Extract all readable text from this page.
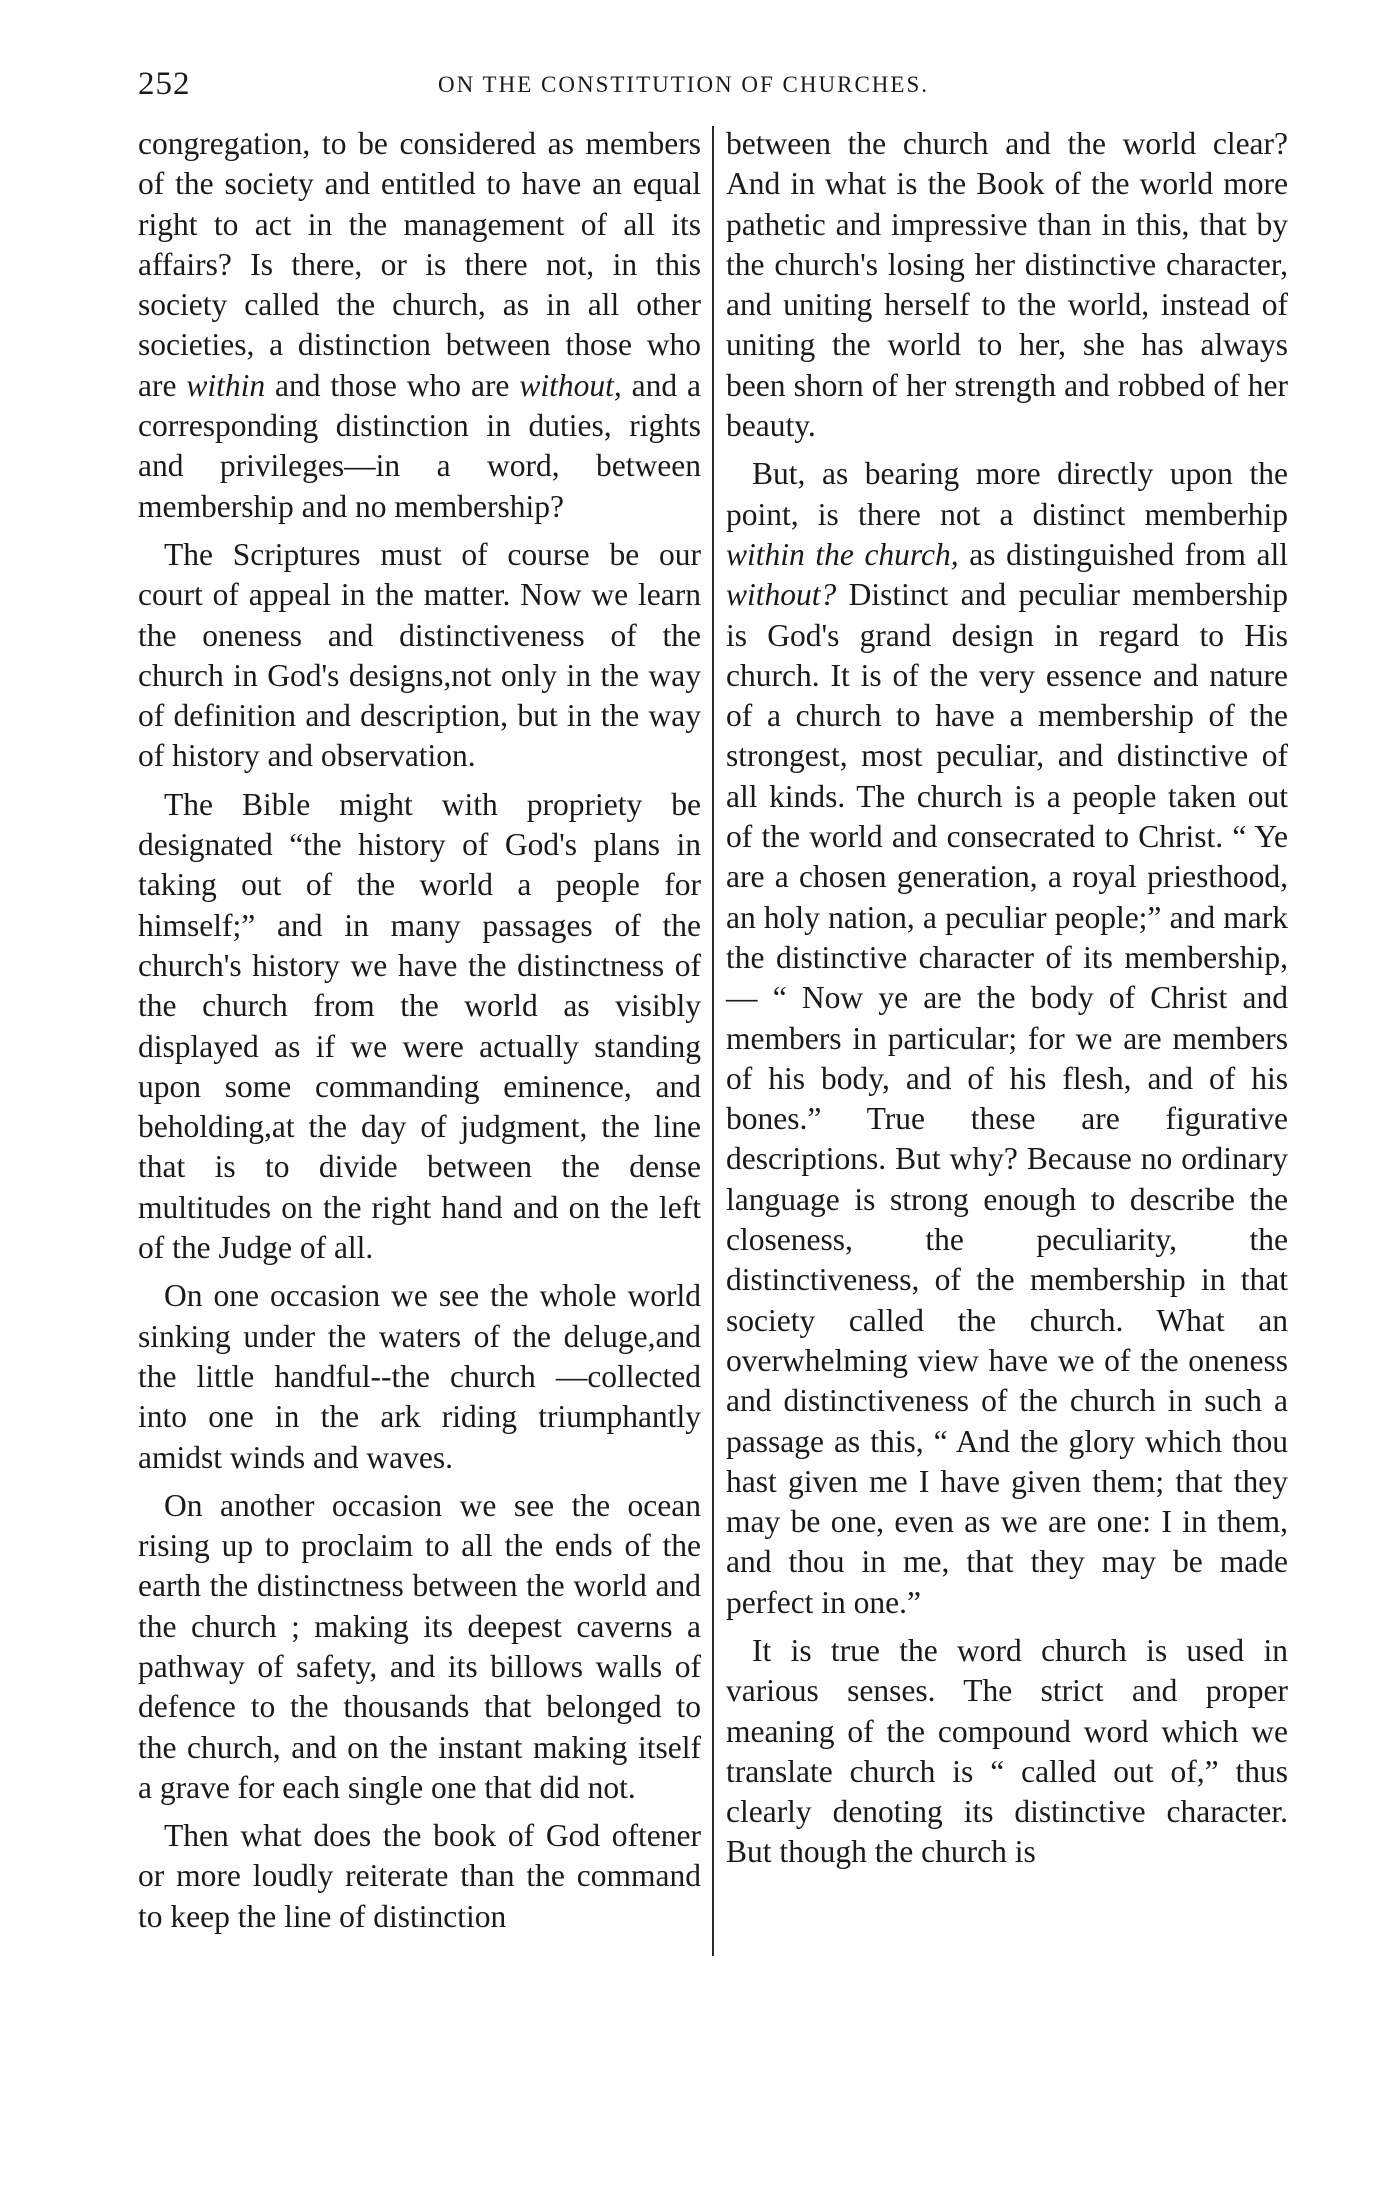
252	ON THE CONSTITUTION OF CHURCHES.

congregation, to be considered as members of the society and entitled to have an equal right to act in the management of all its affairs? Is there, or is there not, in this society called the church, as in all other societies, a distinction between those who are within and those who are without, and a corresponding distinction in duties, rights and privileges—in a word, between membership and no membership?

The Scriptures must of course be our court of appeal in the matter. Now we learn the oneness and distinctiveness of the church in God's designs,not only in the way of definition and description, but in the way of history and observation.

The Bible might with propriety be designated “the history of God's plans in taking out of the world a people for himself;” and in many passages of the church's history we have the distinctness of the church from the world as visibly displayed as if we were actually standing upon some commanding eminence, and beholding,at the day of judgment, the line that is to divide between the dense multitudes on the right hand and on the left of the Judge of all.

On one occasion we see the whole world sinking under the waters of the deluge,and the little handful--the church —collected into one in the ark riding triumphantly amidst winds and waves.

On another occasion we see the ocean rising up to proclaim to all the ends of the earth the distinctness between the world and the church ; making its deepest caverns a pathway of safety, and its billows walls of defence to the thousands that belonged to the church, and on the instant making itself a grave for each single one that did not.

Then what does the book of God oftener or more loudly reiterate than the command to keep the line of distinction

between the church and the world clear? And in what is the Book of the world more pathetic and impressive than in this, that by the church's losing her distinctive character, and uniting herself to the world, instead of uniting the world to her, she has always been shorn of her strength and robbed of her beauty.

But, as bearing more directly upon the point, is there not a distinct memberhip within the church, as distinguished from all without? Distinct and peculiar membership is God's grand design in regard to His church. It is of the very essence and nature of a church to have a membership of the strongest, most peculiar, and distinctive of all kinds. The church is a people taken out of the world and consecrated to Christ. “ Ye are a chosen generation, a royal priesthood, an holy nation, a peculiar people;” and mark the distinctive character of its membership,— “ Now ye are the body of Christ and members in particular; for we are members of his body, and of his flesh, and of his bones.” True these are figurative descriptions. But why? Because no ordinary language is strong enough to describe the closeness, the peculiarity, the distinctiveness, of the membership in that society called the church. What an overwhelming view have we of the oneness and distinctiveness of the church in such a passage as this, “ And the glory which thou hast given me I have given them; that they may be one, even as we are one: I in them, and thou in me, that they may be made perfect in one.”

It is true the word church is used in various senses. The strict and proper meaning of the compound word which we translate church is “ called out of,” thus clearly denoting its distinctive character. But though the church is
